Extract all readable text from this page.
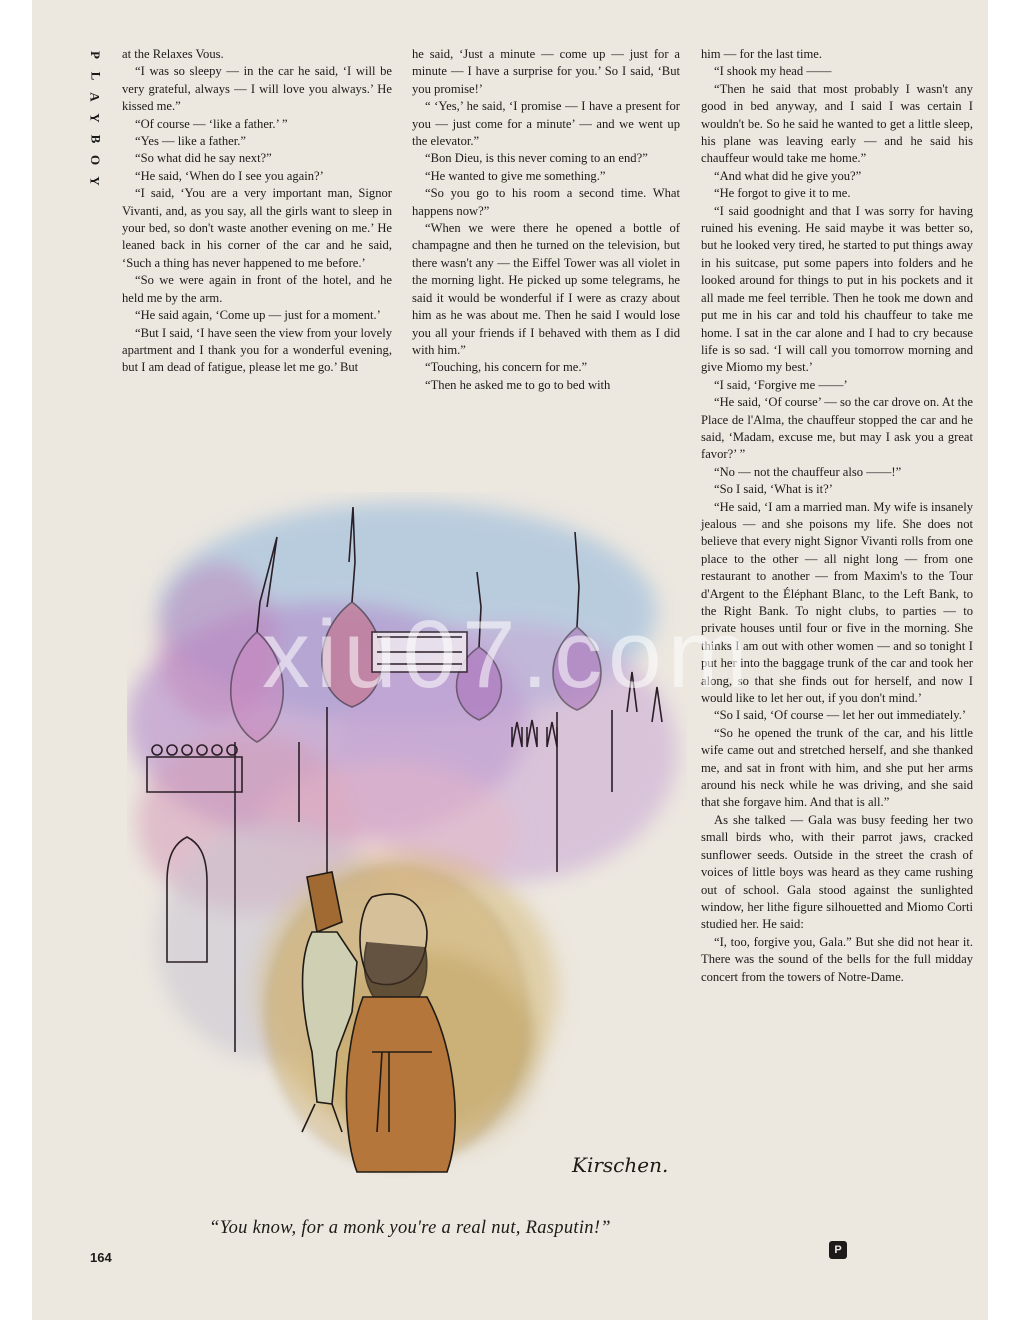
P
L
A
Y
B
O
Y

at the Relaxes Vous.

“I was so sleepy — in the car he said, ‘I will be very grateful, always — I will love you always.’ He kissed me.”

“Of course — ‘like a father.’ ”

“Yes — like a father.”

“So what did he say next?”

“He said, ‘When do I see you again?’

“I said, ‘You are a very important man, Signor Vivanti, and, as you say, all the girls want to sleep in your bed, so don't waste another evening on me.’ He leaned back in his corner of the car and he said, ‘Such a thing has never happened to me before.’

“So we were again in front of the hotel, and he held me by the arm.

“He said again, ‘Come up — just for a moment.’

“But I said, ‘I have seen the view from your lovely apartment and I thank you for a wonderful evening, but I am dead of fatigue, please let me go.’ But

he said, ‘Just a minute — come up — just for a minute — I have a surprise for you.’ So I said, ‘But you promise!’

“ ‘Yes,’ he said, ‘I promise — I have a present for you — just come for a minute’ — and we went up the elevator.”

“Bon Dieu, is this never coming to an end?”

“He wanted to give me something.”

“So you go to his room a second time. What happens now?”

“When we were there he opened a bottle of champagne and then he turned on the television, but there wasn't any — the Eiffel Tower was all violet in the morning light. He picked up some telegrams, he said it would be wonderful if I were as crazy about him as he was about me. Then he said I would lose you all your friends if I behaved with them as I did with him.”

“Touching, his concern for me.”

“Then he asked me to go to bed with

him — for the last time.

“I shook my head ——

“Then he said that most probably I wasn't any good in bed anyway, and I said I was certain I wouldn't be. So he said he wanted to get a little sleep, his plane was leaving early — and he said his chauffeur would take me home.”

“And what did he give you?”

“He forgot to give it to me.

“I said goodnight and that I was sorry for having ruined his evening. He said maybe it was better so, but he looked very tired, he started to put things away in his suitcase, put some papers into folders and he looked around for things to put in his pockets and it all made me feel terrible. Then he took me down and put me in his car and told his chauffeur to take me home. I sat in the car alone and I had to cry because life is so sad. ‘I will call you tomorrow morning and give Miomo my best.’

“I said, ‘Forgive me ——’

“He said, ‘Of course’ — so the car drove on. At the Place de l'Alma, the chauffeur stopped the car and he said, ‘Madam, excuse me, but may I ask you a great favor?’ ”

“No — not the chauffeur also ——!”

“So I said, ‘What is it?’

“He said, ‘I am a married man. My wife is insanely jealous — and she poisons my life. She does not believe that every night Signor Vivanti rolls from one place to the other — all night long — from one restaurant to another — from Maxim's to the Tour d'Argent to the Éléphant Blanc, to the Left Bank, to the Right Bank. To night clubs, to parties — to private houses until four or five in the morning. She thinks I am out with other women — and so tonight I put her into the baggage trunk of the car and took her along, so that she finds out for herself, and now I would like to let her out, if you don't mind.’

“So I said, ‘Of course — let her out immediately.’

“So he opened the trunk of the car, and his little wife came out and stretched herself, and she thanked me, and sat in front with him, and she put her arms around his neck while he was driving, and she said that she forgave him. And that is all.”

As she talked — Gala was busy feeding her two small birds who, with their parrot jaws, cracked sunflower seeds. Outside in the street the crash of voices of little boys was heard as they came rushing out of school. Gala stood against the sunlighted window, her lithe figure silhouetted and Miomo Corti studied her. He said:

“I, too, forgive you, Gala.” But she did not hear it. There was the sound of the bells for the full midday concert from the towers of Notre-Dame.

Kirschen.
“You know, for a monk you're a real nut, Rasputin!”
164	P
xiu07.com
